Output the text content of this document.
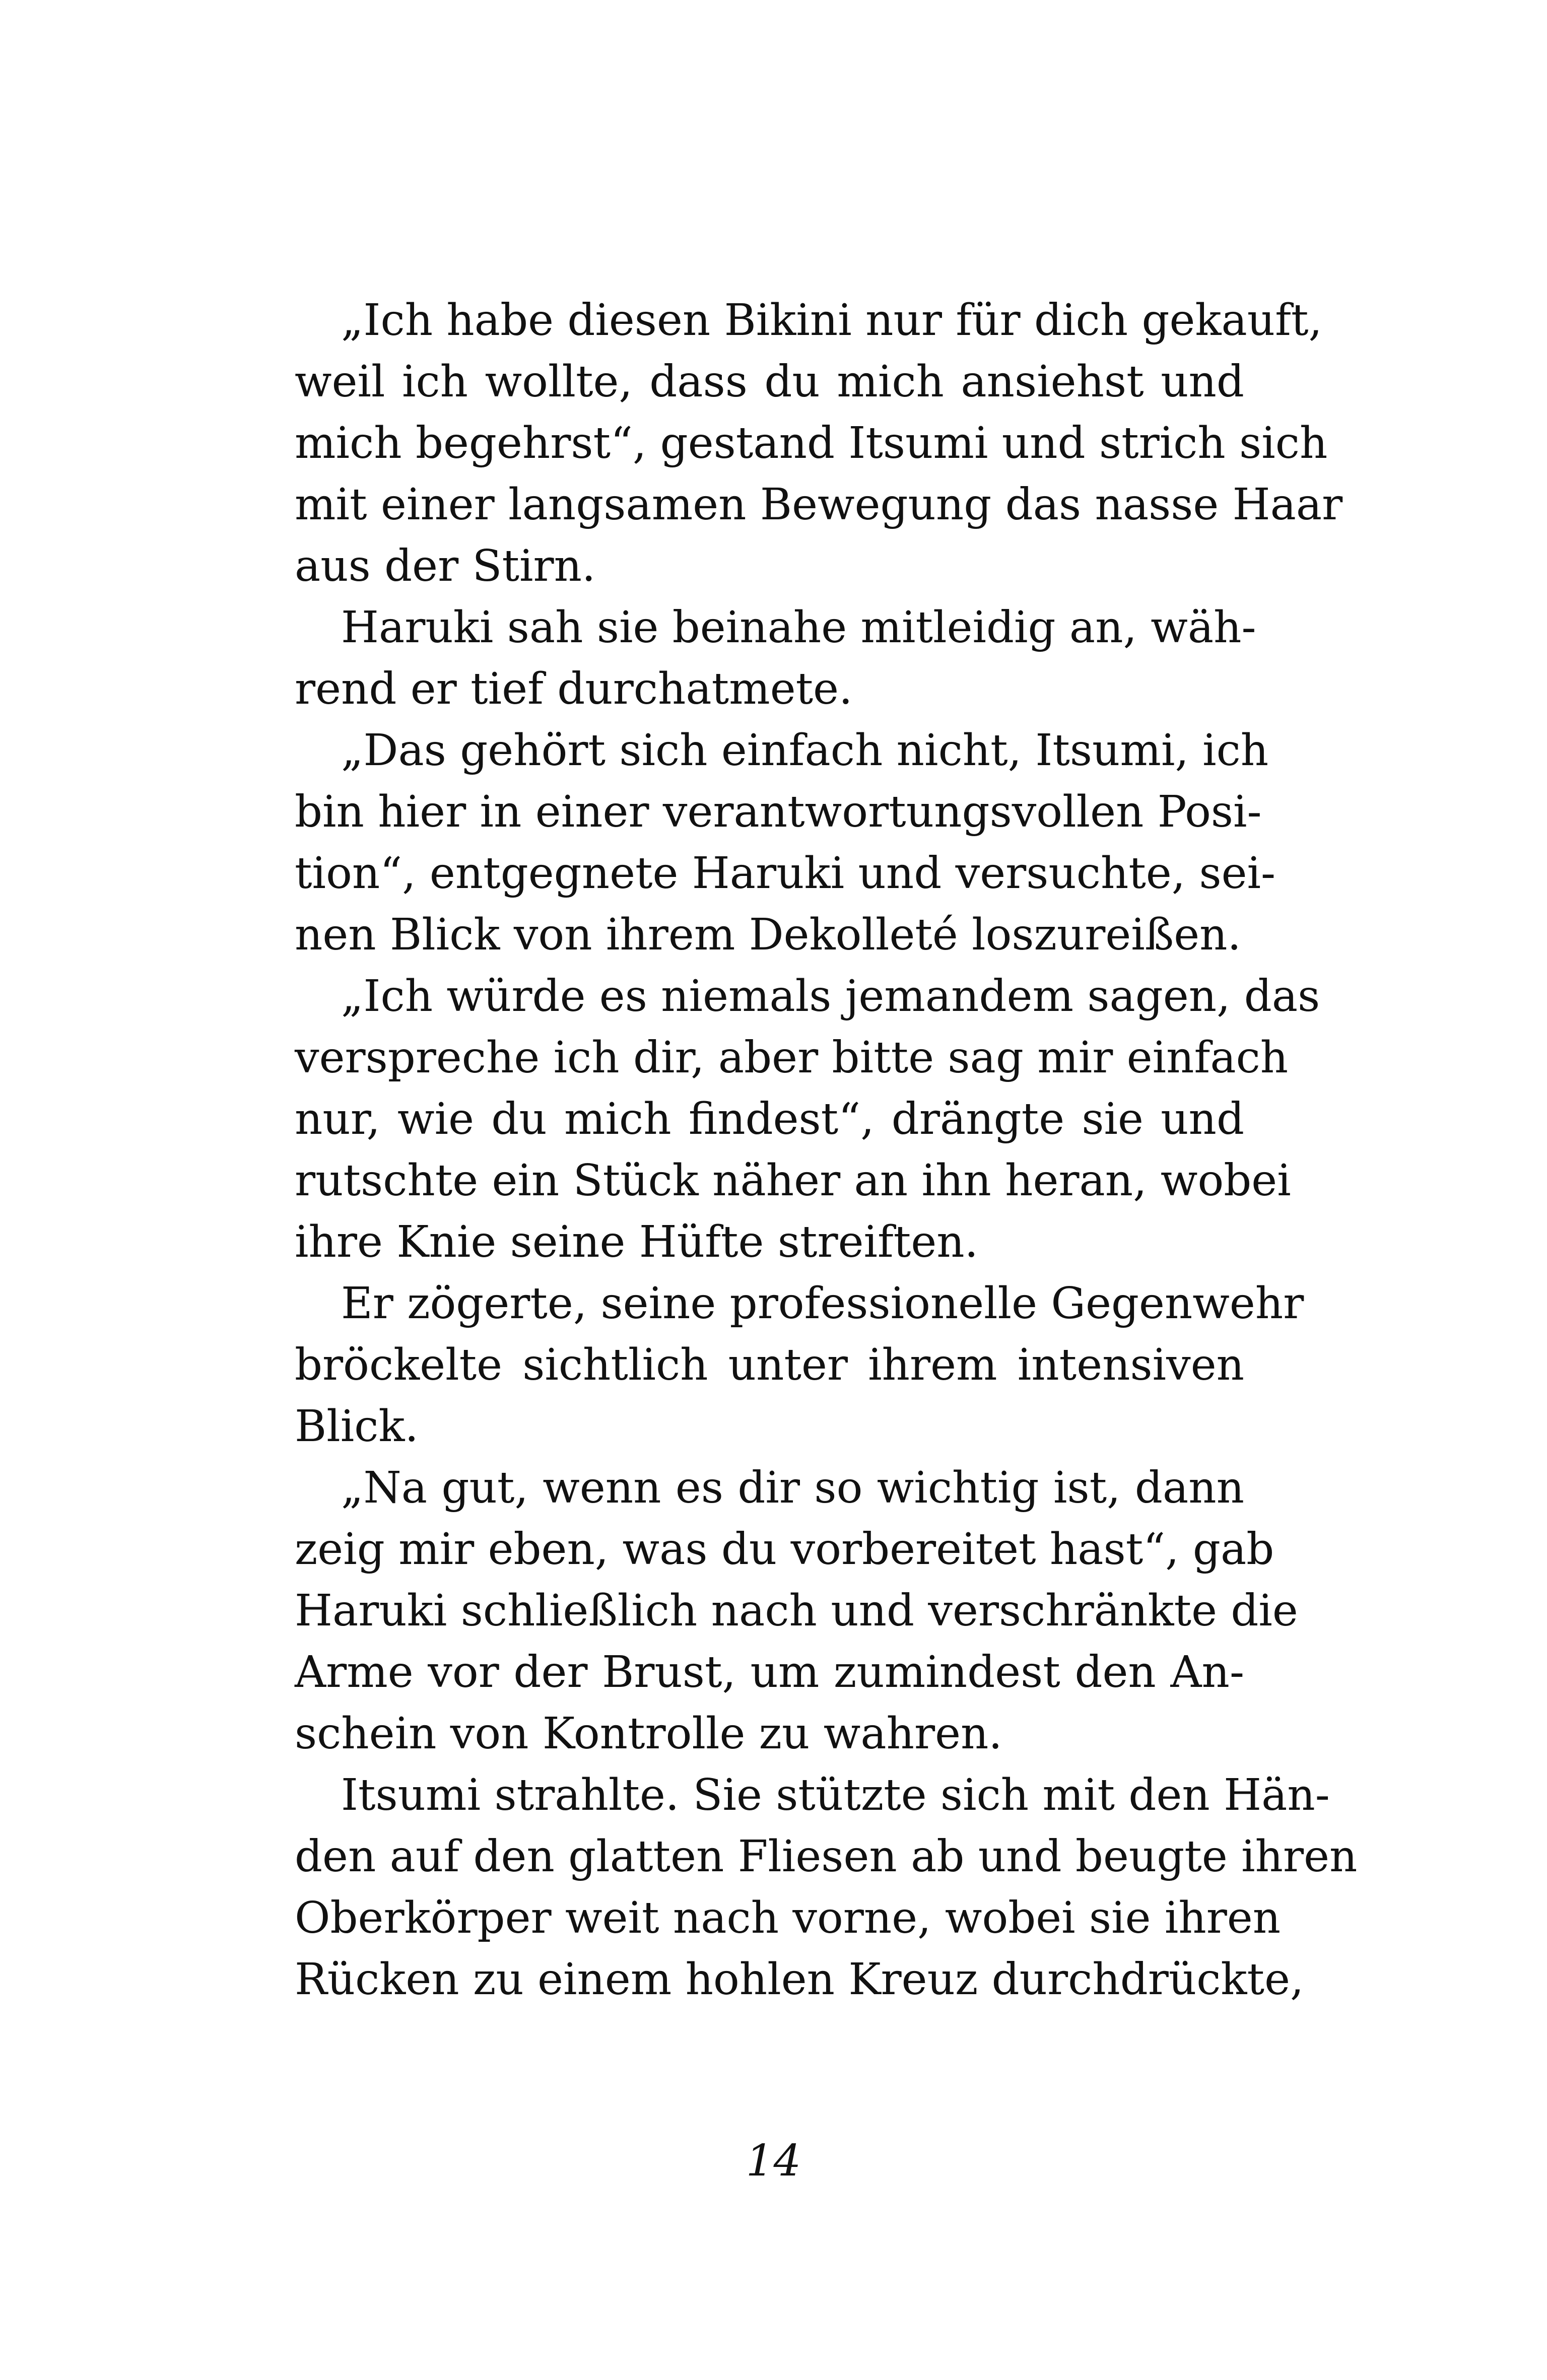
„Ich habe diesen Bikini nur für dich gekauft,
weil ich wollte, dass du mich ansiehst und
mich begehrst“, gestand Itsumi und strich sich
mit einer langsamen Bewegung das nasse Haar
aus der Stirn.
Haruki sah sie beinahe mitleidig an, wäh-
rend er tief durchatmete.
„Das gehört sich einfach nicht, Itsumi, ich
bin hier in einer verantwortungsvollen Posi-
tion“, entgegnete Haruki und versuchte, sei-
nen Blick von ihrem Dekolleté loszureißen.
„Ich würde es niemals jemandem sagen, das
verspreche ich dir, aber bitte sag mir einfach
nur, wie du mich findest“, drängte sie und
rutschte ein Stück näher an ihn heran, wobei
ihre Knie seine Hüfte streiften.
Er zögerte, seine professionelle Gegenwehr
bröckelte sichtlich unter ihrem intensiven
Blick.
„Na gut, wenn es dir so wichtig ist, dann
zeig mir eben, was du vorbereitet hast“, gab
Haruki schließlich nach und verschränkte die
Arme vor der Brust, um zumindest den An-
schein von Kontrolle zu wahren.
Itsumi strahlte. Sie stützte sich mit den Hän-
den auf den glatten Fliesen ab und beugte ihren
Oberkörper weit nach vorne, wobei sie ihren
Rücken zu einem hohlen Kreuz durchdrückte,
14
